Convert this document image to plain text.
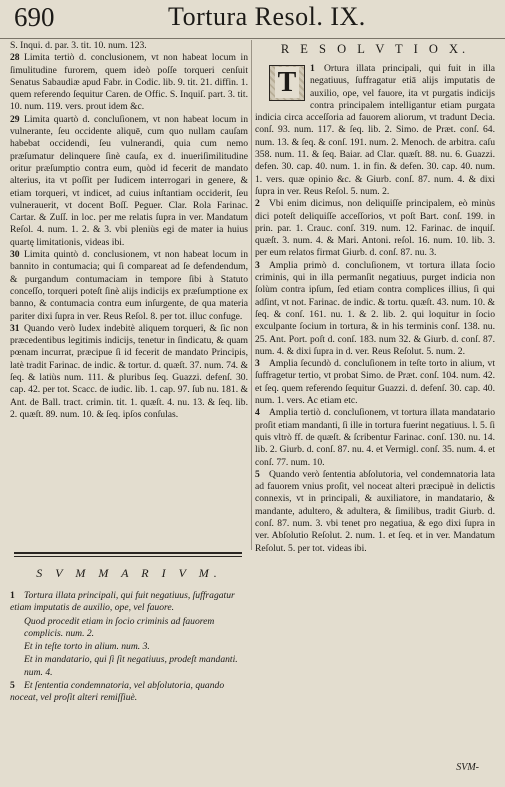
690	Tortura Resol. IX.
S. Inqui. d. par. 3. tit. 10. num. 123.
28 Limita tertiò d. conclusionem, vt non habeat locum in ſimulitudine furorem, quem ideò poſſe torqueri cenſuit Senatus Sabaudiæ apud Fabr. in Codic. lib. 9. tit. 21. diffin. 1. quem referendo ſequitur Caren. de Offic. S. Inquiſ. part. 3. tit. 10. num. 119. vers. prout idem &c.
29 Limita quartò d. concluſionem, vt non habeat locum in vulnerante, ſeu occidente aliquē, cum quo nullam cauſam habebat occidendi, ſeu vulnerandi, quia cum nemo præſumatur delinquere ſinè cauſa, ex d. inueriſimilitudine oritur præſumptio contra eum, quòd id fecerit de mandato alterius, ita vt poſſit per Iudicem interrogari in genere, & etiam torqueri, vt indicet, ad cuius inſtantiam occiderit, ſeu vulnerauerit, vt docent Boſſ. Peguer. Clar. Rola Farinac. Cartar. & Zuſſ. in loc. per me relatis ſupra in ver. Mandatum Reſol. 4. num. 1. 2. & 3. vbi pleniùs egi de mater ia huius quartę limitationis, videas ibi.
30 Limita quintò d. conclusionem, vt non habeat locum in bannito in contumacia; qui ſi compareat ad ſe defendendum, & purgandum contumaciam in tempore ſibi à Statuto conceſſo, torqueri poteſt ſinè alijs indicijs ex præſumptione ex banno, & contumacia contra eum inſurgente, de qua materia pariter dixi ſupra in ver. Reus Reſol. 8. per tot. illuc confuge.
31 Quando verò Iudex indebitè aliquem torqueri, & ſic non præcedentibus legitimis indicijs, tenetur in ſindicatu, & quam pœnam incurrat, præcipue ſi id fecerit de mandato Principis, latè tradit Farinac. de indic. & tortur. d. quæſt. 37. num. 74. & ſeq. & latiùs num. 111. & pluribus ſeq. Guazzi. defenſ. 30. cap. 42. per tot. Scacc. de iudic. lib. 1. cap. 97. ſub nu. 181. & Ant. de Ball. tract. crimin. tit. 1. quæſt. 4. nu. 13. & ſeq. lib. 2. quæſt. 89. num. 10. & ſeq. ipſos conſulas.
S V M M A R I V M.
1 Tortura illata principali, qui fuit negatiuus, ſuffragatur etiam imputatis de auxilio, ope, vel fauore.
Quod procedit etiam in ſocio criminis ad fauorem complicis. num. 2.
Et in teſte torto in alium. num. 3.
Et in mandatario, qui ſi ſit negatiuus, prodeſt mandanti. num. 4.
5 Et ſententia condemnatoria, vel abſolutoria, quando noceat, vel proſit alteri remiſſiuè.
R E S O L V T I O X.
T	1 Ortura illata principali, qui fuit in illa negatiuus, ſuffragatur etiā alijs imputatis de auxilio, ope, vel fauore, ita vt purgatis indicijs contra principalem intelligantur etiam purgata indicia circa acceſſoria ad fauorem aliorum, vt tradunt Decia. conſ. 93. num. 117. & ſeq. lib. 2. Simo. de Præt. conſ. 64. num. 13. & ſeq. & conſ. 191. num. 2. Menoch. de arbitra. caſu 358. num. 11. & ſeq. Baiar. ad Clar. quæſt. 88. nu. 6. Guazzi. defen. 30. cap. 40. num. 1. in fin. & defen. 30. cap. 40. num. 1. vers. quæ opinio &c. & Giurb. conſ. 87. num. 4. & dixi ſupra in ver. Reus Reſol. 5. num. 2.
2 Vbi enim dicimus, non deliquiſſe principalem, eò minùs dici poteſt deliquiſſe acceſſorios, vt poſt Bart. conſ. 199. in prin. par. 1. Crauc. conſ. 319. num. 12. Farinac. de inquiſ. quæſt. 3. num. 4. & Mari. Antoni. reſol. 16. num. 10. lib. 3. per eum relatos firmat Giurb. d. conſ. 87. nu. 3.
3 Amplia primò d. concluſionem, vt tortura illata ſocio criminis, qui in illa permanſit negatiuus, purget indicia non ſolùm contra ipſum, ſed etiam contra complices illius, ſi qui adſint, vt not. Farinac. de indic. & tortu. quæſt. 43. num. 10. & ſeq. & conſ. 161. nu. 1. & 2. lib. 2. qui loquitur in ſocio exculpante ſocium in tortura, & in his terminis conſ. 138. nu. 25. Ant. Port. poſt d. conſ. 183. num 32. & Giurb. d. conſ. 87. num. 4. & dixi ſupra in d. ver. Reus Reſolut. 5. num. 2.
3 Amplia ſecundò d. concluſionem in teſte torto in alium, vt ſuffragetur tertio, vt probat Simo. de Præt. conſ. 104. num. 42. et ſeq. quem referendo ſequitur Guazzi. d. defenſ. 30. cap. 40. num. 1. vers. Ac etiam etc.
4 Amplia tertiò d. concluſionem, vt tortura illata mandatario proſit etiam mandanti, ſi ille in tortura fuerint negatiuus. l. 5. ſi quis vltrò ff. de quæſt. & ſcribentur Farinac. conſ. 130. nu. 14. lib. 2. Giurb. d. conſ. 87. nu. 4. et Vermigl. conſ. 35. num. 4. et conſ. 77. num. 10.
5 Quando verò ſententia abſolutoria, vel condemnatoria lata ad fauorem vnius proſit, vel noceat alteri præcipuè in delictis connexis, vt in principali, & auxiliatore, in mandatario, & mandante, adultero, & adultera, & ſimilibus, tradit Giurb. d. conſ. 87. num. 3. vbi tenet pro negatiua, & ego dixi ſupra in ver. Abſolutio Reſolut. 2. num. 1. et ſeq. et in ver. Mandatum Reſolut. 5. per tot. videas ibi.
SVM-
